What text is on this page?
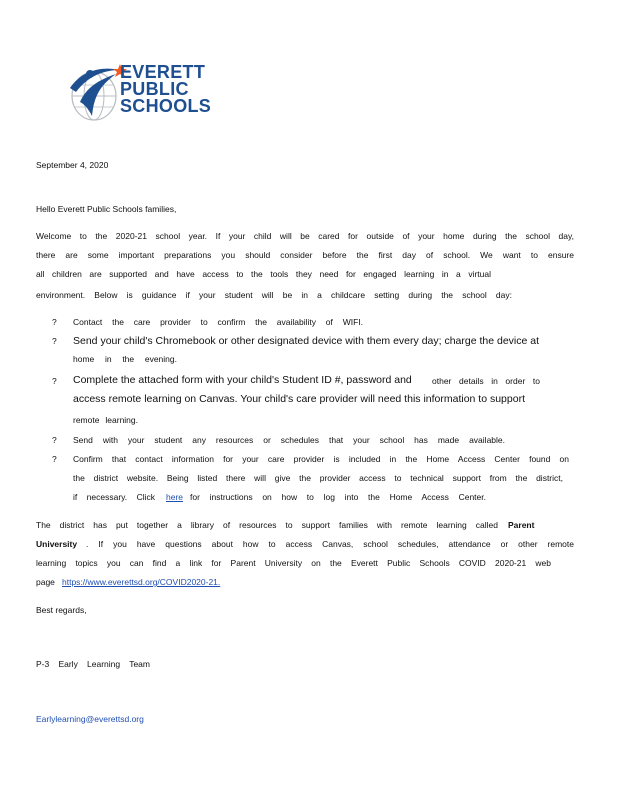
EVERETT
PUBLIC
SCHOOLS
September 4, 2020
Hello Everett Public Schools families,
Welcome to the 2020-21 school year. If your child will be cared for outside of your home during the school day,
there are some important preparations you should consider before the first day of school. We want to ensure
all children are supported and have access to the tools they need for engaged learning in a virtual
environment. Below is guidance if your student will be in a childcare setting during the school day:
? Contact the care provider to confirm the availability of WIFI.
? Send your child's Chromebook or other designated device with them every day; charge the device at
home in the evening.
? Complete the attached form with your child's Student ID #, password and other details in order to
access remote learning on Canvas. Your child's care provider will need this information to support
remote learning.
? Send with your student any resources or schedules that your school has made available.
? Confirm that contact information for your care provider is included in the Home Access Center found on
the district website. Being listed there will give the provider access to technical support from the district,
if necessary. Click here for instructions on how to log into the Home Access Center.
The district has put together a library of resources to support families with remote learning called Parent
University . If you have questions about how to access Canvas, school schedules, attendance or other remote
learning topics you can find a link for Parent University on the Everett Public Schools COVID 2020-21 web
page https://www.everettsd.org/COVID2020-21.
Best regards,
P-3 Early Learning Team
Earlylearning@everettsd.org
